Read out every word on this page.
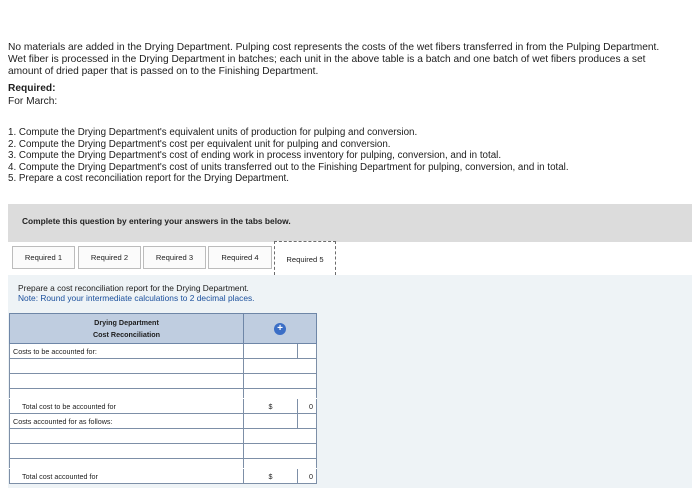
No materials are added in the Drying Department. Pulping cost represents the costs of the wet fibers transferred in from the Pulping Department. Wet fiber is processed in the Drying Department in batches; each unit in the above table is a batch and one batch of wet fibers produces a set amount of dried paper that is passed on to the Finishing Department.
Required:
For March:
1. Compute the Drying Department's equivalent units of production for pulping and conversion.
2. Compute the Drying Department's cost per equivalent unit for pulping and conversion.
3. Compute the Drying Department's cost of ending work in process inventory for pulping, conversion, and in total.
4. Compute the Drying Department's cost of units transferred out to the Finishing Department for pulping, conversion, and in total.
5. Prepare a cost reconciliation report for the Drying Department.
Complete this question by entering your answers in the tabs below.
Required 1	Required 2	Required 3	Required 4	Required 5
Prepare a cost reconciliation report for the Drying Department.
Note: Round your intermediate calculations to 2 decimal places.
Drying Department
Cost Reconciliation	+	
Costs to be accounted for:		

Total cost to be accounted for	$	0
Costs accounted for as follows:		

Total cost accounted for	$	0
